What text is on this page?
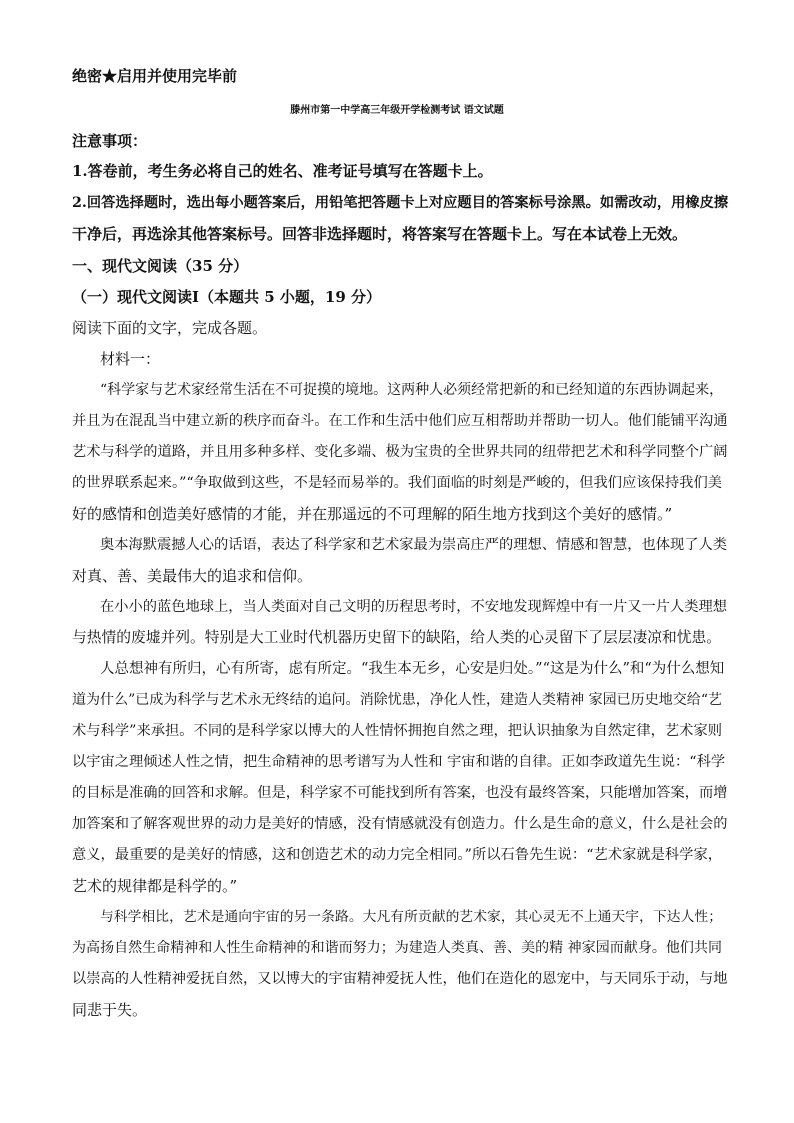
绝密★启用并使用完毕前
滕州市第一中学高三年级开学检测考试 语文试题
注意事项：
1.答卷前，考生务必将自己的姓名、准考证号填写在答题卡上。
2.回答选择题时，选出每小题答案后，用铅笔把答题卡上对应题目的答案标号涂黑。如需改动，用橡皮擦
干净后，再选涂其他答案标号。回答非选择题时，将答案写在答题卡上。写在本试卷上无效。
一、现代文阅读（35 分）
（一）现代文阅读Ⅰ（本题共 5 小题，19 分）
阅读下面的文字，完成各题。
材料一：
“科学家与艺术家经常生活在不可捉摸的境地。这两种人必须经常把新的和已经知道的东西协调起来，
并且为在混乱当中建立新的秩序而奋斗。在工作和生活中他们应互相帮助并帮助一切人。他们能铺平沟通
艺术与科学的道路，并且用多种多样、变化多端、极为宝贵的全世界共同的纽带把艺术和科学同整个广阔
的世界联系起来。”“争取做到这些，不是轻而易举的。我们面临的时刻是严峻的，但我们应该保持我们美
好的感情和创造美好感情的才能，并在那遥远的不可理解的陌生地方找到这个美好的感情。”
奥本海默震撼人心的话语，表达了科学家和艺术家最为崇高庄严的理想、情感和智慧，也体现了人类
对真、善、美最伟大的追求和信仰。
在小小的蓝色地球上，当人类面对自己文明的历程思考时，不安地发现辉煌中有一片又一片人类理想
与热情的废墟并列。特别是大工业时代机器历史留下的缺陷，给人类的心灵留下了层层凄凉和忧患。
人总想神有所归，心有所寄，虑有所定。“我生本无乡，心安是归处。”“这是为什么”和“为什么想知
道为什么”已成为科学与艺术永无终结的追问。消除忧患，净化人性，建造人类精神 家园已历史地交给“艺
术与科学”来承担。不同的是科学家以博大的人性情怀拥抱自然之理，把认识抽象为自然定律，艺术家则
以宇宙之理倾述人性之情，把生命精神的思考谱写为人性和 宇宙和谐的自律。正如李政道先生说：“科学
的目标是准确的回答和求解。但是，科学家不可能找到所有答案，也没有最终答案，只能增加答案，而增
加答案和了解客观世界的动力是美好的情感，没有情感就没有创造力。什么是生命的意义，什么是社会的
意义，最重要的是美好的情感，这和创造艺术的动力完全相同。”所以石鲁先生说：“艺术家就是科学家，
艺术的规律都是科学的。”
与科学相比，艺术是通向宇宙的另一条路。大凡有所贡献的艺术家，其心灵无不上通天宇，下达人性；
为高扬自然生命精神和人性生命精神的和谐而努力；为建造人类真、善、美的精 神家园而献身。他们共同
以崇高的人性精神爱抚自然，又以博大的宇宙精神爱抚人性，他们在造化的恩宠中，与天同乐于动，与地
同悲于失。
